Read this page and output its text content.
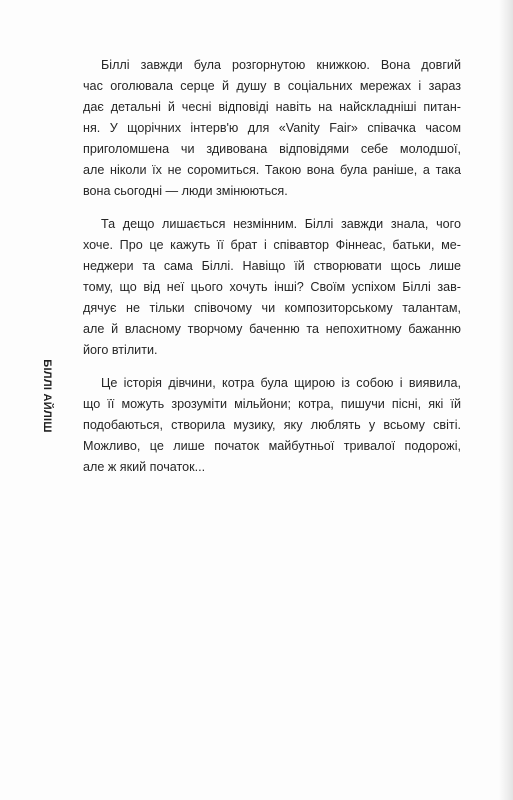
БІЛЛІ АЙЛІШ

Біллі завжди була розгорнутою книжкою. Вона довгий
час оголювала серце й душу в соціальних мережах і зараз
дає детальні й чесні відповіді навіть на найскладніші питан-
ня. У щорічних інтерв'ю для «Vanity Fair» співачка часом
приголомшена чи здивована відповідями себе молодшої,
але ніколи їх не соромиться. Такою вона була раніше, а така
вона сьогодні — люди змінюються.

Та дещо лишається незмінним. Біллі завжди знала, чого
хоче. Про це кажуть її брат і співавтор Фіннеас, батьки, ме-
неджери та сама Біллі. Навіщо їй створювати щось лише
тому, що від неї цього хочуть інші? Своїм успіхом Біллі зав-
дячує не тільки співочому чи композиторському талантам,
але й власному творчому баченню та непохитному бажанню
його втілити.

Це історія дівчини, котра була щирою із собою і виявила,
що її можуть зрозуміти мільйони; котра, пишучи пісні, які їй
подобаються, створила музику, яку люблять у всьому світі.
Можливо, це лише початок майбутньої тривалої подорожі,
але ж який початок...
